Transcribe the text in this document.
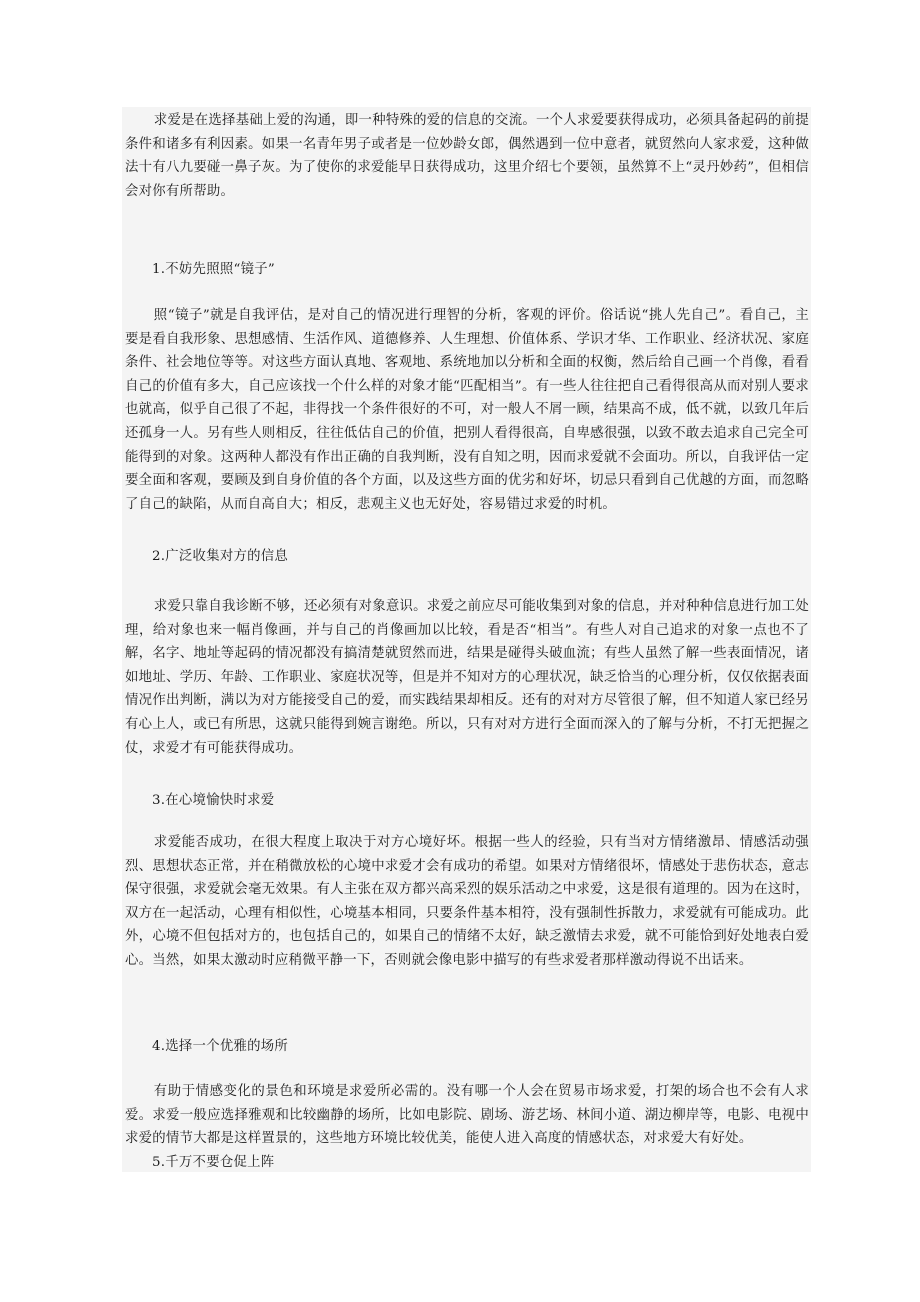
求爱是在选择基础上爱的沟通，即一种特殊的爱的信息的交流。一个人求爱要获得成功，必须具备起码的前提条件和诸多有利因素。如果一名青年男子或者是一位妙龄女郎，偶然遇到一位中意者，就贸然向人家求爱，这种做法十有八九要碰一鼻子灰。为了使你的求爱能早日获得成功，这里介绍七个要领，虽然算不上“灵丹妙药”，但相信会对你有所帮助。

1.不妨先照照“镜子”

照“镜子”就是自我评估，是对自己的情况进行理智的分析，客观的评价。俗话说“挑人先自己”。看自己，主要是看自我形象、思想感情、生活作风、道德修养、人生理想、价值体系、学识才华、工作职业、经济状况、家庭条件、社会地位等等。对这些方面认真地、客观地、系统地加以分析和全面的权衡，然后给自己画一个肖像，看看自己的价值有多大，自己应该找一个什么样的对象才能“匹配相当”。有一些人往往把自己看得很高从而对别人要求也就高，似乎自己很了不起，非得找一个条件很好的不可，对一般人不屑一顾，结果高不成，低不就，以致几年后还孤身一人。另有些人则相反，往往低估自己的价值，把别人看得很高，自卑感很强，以致不敢去追求自己完全可能得到的对象。这两种人都没有作出正确的自我判断，没有自知之明，因而求爱就不会面功。所以，自我评估一定要全面和客观，要顾及到自身价值的各个方面，以及这些方面的优劣和好坏，切忌只看到自己优越的方面，而忽略了自己的缺陷，从而自高自大；相反，悲观主义也无好处，容易错过求爱的时机。

2.广泛收集对方的信息

求爱只靠自我诊断不够，还必须有对象意识。求爱之前应尽可能收集到对象的信息，并对种种信息进行加工处理，给对象也来一幅肖像画，并与自己的肖像画加以比较，看是否“相当”。有些人对自己追求的对象一点也不了解，名字、地址等起码的情况都没有搞清楚就贸然而进，结果是碰得头破血流；有些人虽然了解一些表面情况，诸如地址、学历、年龄、工作职业、家庭状况等，但是并不知对方的心理状况，缺乏恰当的心理分析，仅仅依据表面情况作出判断，满以为对方能接受自己的爱，而实践结果却相反。还有的对对方尽管很了解，但不知道人家已经另有心上人，或已有所思，这就只能得到婉言谢绝。所以，只有对对方进行全面而深入的了解与分析，不打无把握之仗，求爱才有可能获得成功。

3.在心境愉快时求爱

求爱能否成功，在很大程度上取决于对方心境好坏。根据一些人的经验，只有当对方情绪激昂、情感活动强烈、思想状态正常，并在稍微放松的心境中求爱才会有成功的希望。如果对方情绪很坏，情感处于悲伤状态，意志保守很强，求爱就会毫无效果。有人主张在双方都兴高采烈的娱乐活动之中求爱，这是很有道理的。因为在这时，双方在一起活动，心理有相似性，心境基本相同，只要条件基本相符，没有强制性拆散力，求爱就有可能成功。此外，心境不但包括对方的，也包括自己的，如果自己的情绪不太好，缺乏激情去求爱，就不可能恰到好处地表白爱心。当然，如果太激动时应稍微平静一下，否则就会像电影中描写的有些求爱者那样激动得说不出话来。

4.选择一个优雅的场所

有助于情感变化的景色和环境是求爱所必需的。没有哪一个人会在贸易市场求爱，打架的场合也不会有人求爱。求爱一般应选择雅观和比较幽静的场所，比如电影院、剧场、游艺场、林间小道、湖边柳岸等，电影、电视中求爱的情节大都是这样置景的，这些地方环境比较优美，能使人进入高度的情感状态，对求爱大有好处。

5.千万不要仓促上阵
